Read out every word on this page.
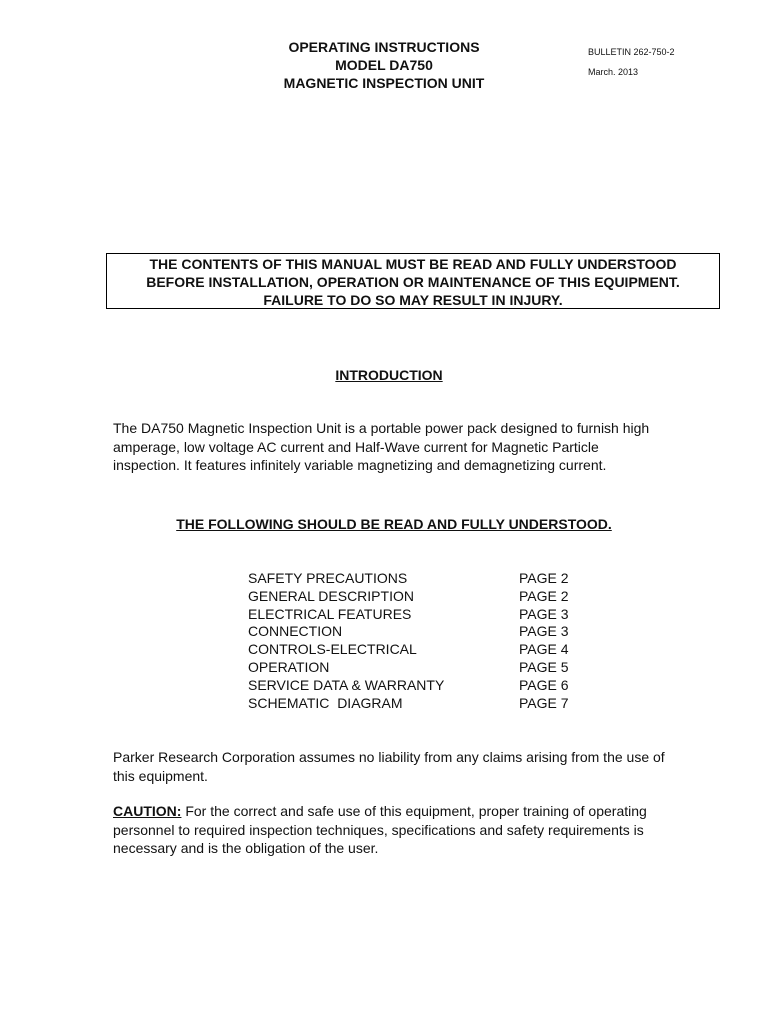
OPERATING INSTRUCTIONS
MODEL DA750
MAGNETIC INSPECTION UNIT
BULLETIN 262-750-2
March. 2013
THE CONTENTS OF THIS MANUAL MUST BE READ AND FULLY UNDERSTOOD
BEFORE INSTALLATION, OPERATION OR MAINTENANCE OF THIS EQUIPMENT.
FAILURE TO DO SO MAY RESULT IN INJURY.
INTRODUCTION
The DA750 Magnetic Inspection Unit is a portable power pack designed to furnish high
amperage, low voltage AC current and Half-Wave current for Magnetic Particle
inspection. It features infinitely variable magnetizing and demagnetizing current.
THE FOLLOWING SHOULD BE READ AND FULLY UNDERSTOOD.
SAFETY PRECAUTIONS	PAGE 2
GENERAL DESCRIPTION	PAGE 2
ELECTRICAL FEATURES	PAGE 3
CONNECTION	PAGE 3
CONTROLS-ELECTRICAL	PAGE 4
OPERATION	PAGE 5
SERVICE DATA & WARRANTY	PAGE 6
SCHEMATIC  DIAGRAM	PAGE 7
Parker Research Corporation assumes no liability from any claims arising from the use of
this equipment.
CAUTION: For the correct and safe use of this equipment, proper training of operating
personnel to required inspection techniques, specifications and safety requirements is
necessary and is the obligation of the user.
